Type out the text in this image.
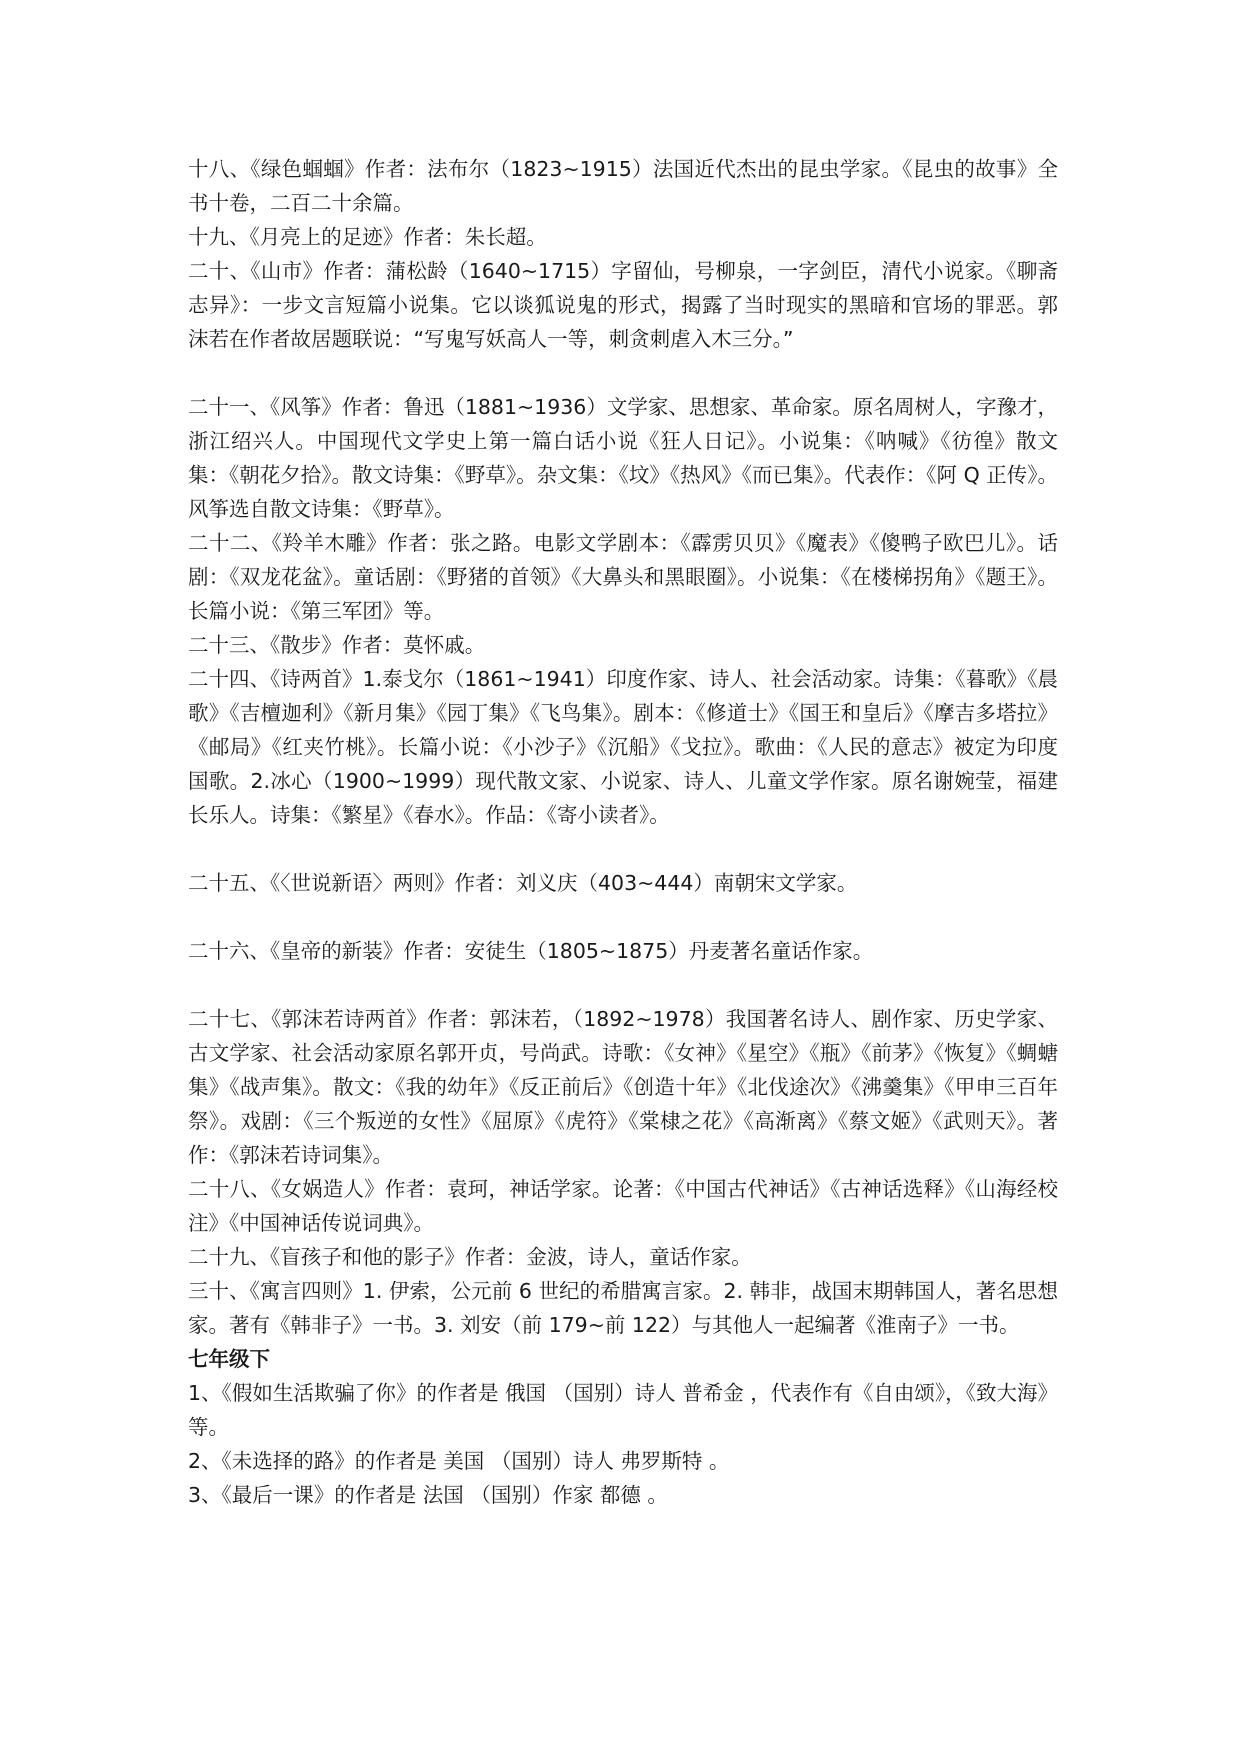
十八、《绿色蝈蝈》作者：法布尔（1823~1915）法国近代杰出的昆虫学家。《昆虫的故事》全书十卷，二百二十余篇。

十九、《月亮上的足迹》作者：朱长超。

二十、《山市》作者：蒲松龄（1640~1715）字留仙，号柳泉，一字剑臣，清代小说家。《聊斋志异》：一步文言短篇小说集。它以谈狐说鬼的形式，揭露了当时现实的黑暗和官场的罪恶。郭沫若在作者故居题联说：“写鬼写妖高人一等，刺贪刺虐入木三分。”

二十一、《风筝》作者：鲁迅（1881~1936）文学家、思想家、革命家。原名周树人，字豫才，浙江绍兴人。中国现代文学史上第一篇白话小说《狂人日记》。小说集：《呐喊》《彷徨》散文集：《朝花夕拾》。散文诗集：《野草》。杂文集：《坟》《热风》《而已集》。代表作：《阿 Q 正传》。风筝选自散文诗集：《野草》。

二十二、《羚羊木雕》作者：张之路。电影文学剧本：《霹雳贝贝》《魔表》《傻鸭子欧巴儿》。话剧：《双龙花盆》。童话剧：《野猪的首领》《大鼻头和黑眼圈》。小说集：《在楼梯拐角》《题王》。长篇小说：《第三军团》等。

二十三、《散步》作者：莫怀戚。

二十四、《诗两首》1.泰戈尔（1861~1941）印度作家、诗人、社会活动家。诗集：《暮歌》《晨歌》《吉檀迦利》《新月集》《园丁集》《飞鸟集》。剧本：《修道士》《国王和皇后》《摩吉多塔拉》《邮局》《红夹竹桃》。长篇小说：《小沙子》《沉船》《戈拉》。歌曲：《人民的意志》被定为印度国歌。2.冰心（1900~1999）现代散文家、小说家、诗人、儿童文学作家。原名谢婉莹，福建长乐人。诗集：《繁星》《春水》。作品：《寄小读者》。

二十五、《〈世说新语〉两则》作者：刘义庆（403~444）南朝宋文学家。

二十六、《皇帝的新装》作者：安徒生（1805~1875）丹麦著名童话作家。

二十七、《郭沫若诗两首》作者：郭沫若，（1892~1978）我国著名诗人、剧作家、历史学家、古文学家、社会活动家原名郭开贞，号尚武。诗歌：《女神》《星空》《瓶》《前茅》《恢复》《蜩螗集》《战声集》。散文：《我的幼年》《反正前后》《创造十年》《北伐途次》《沸羹集》《甲申三百年祭》。戏剧：《三个叛逆的女性》《屈原》《虎符》《棠棣之花》《高渐离》《蔡文姬》《武则天》。著作：《郭沫若诗词集》。

二十八、《女娲造人》作者：袁珂，神话学家。论著：《中国古代神话》《古神话选释》《山海经校注》《中国神话传说词典》。

二十九、《盲孩子和他的影子》作者：金波，诗人，童话作家。

三十、《寓言四则》1. 伊索，公元前 6 世纪的希腊寓言家。2. 韩非，战国末期韩国人，著名思想家。著有《韩非子》一书。3. 刘安（前 179~前 122）与其他人一起编著《淮南子》一书。

七年级下

1、《假如生活欺骗了你》的作者是 俄国 （国别）诗人 普希金 ，代表作有《自由颂》，《致大海》等。

2、《未选择的路》的作者是 美国 （国别）诗人 弗罗斯特 。

3、《最后一课》的作者是 法国 （国别）作家 都德 。
